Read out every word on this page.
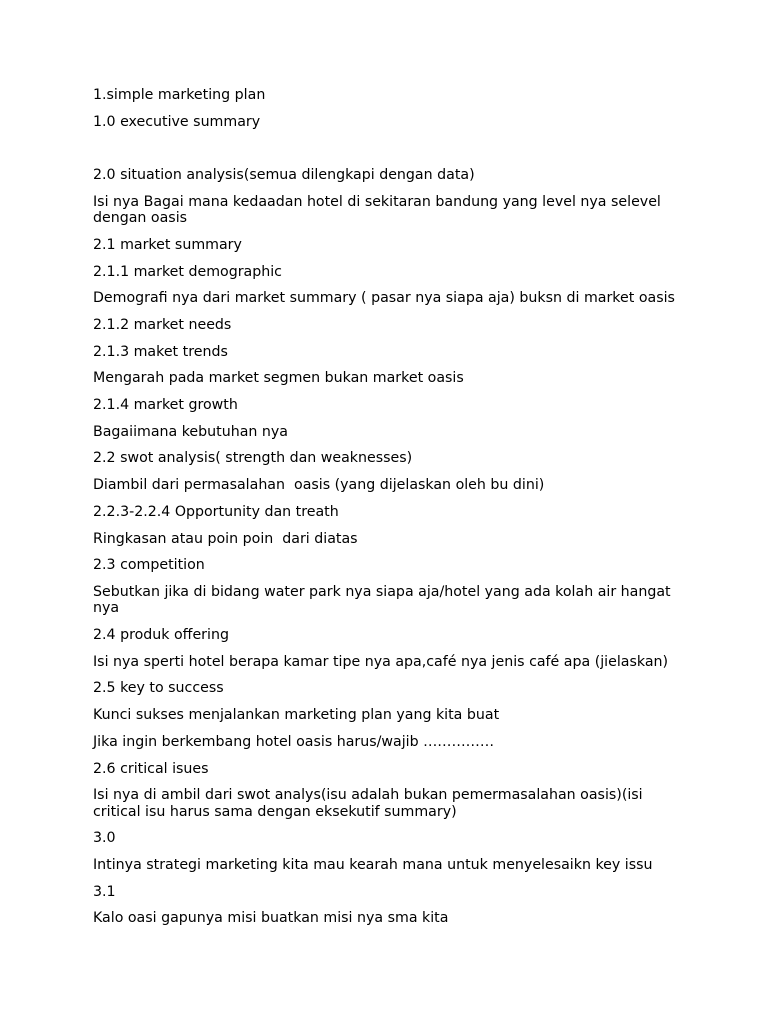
1.simple marketing plan

1.0 executive summary

2.0 situation analysis(semua dilengkapi dengan data)

Isi nya Bagai mana kedaadan hotel di sekitaran bandung yang level nya selevel dengan oasis

2.1 market summary

2.1.1 market demographic

Demografi nya dari market summary ( pasar nya siapa aja) buksn di market oasis

2.1.2 market needs

2.1.3 maket trends

Mengarah pada market segmen bukan market oasis

2.1.4 market growth

Bagaiimana kebutuhan nya

2.2 swot analysis( strength dan weaknesses)

Diambil dari permasalahan  oasis (yang dijelaskan oleh bu dini)

2.2.3-2.2.4 Opportunity dan treath

Ringkasan atau poin poin  dari diatas

2.3 competition

Sebutkan jika di bidang water park nya siapa aja/hotel yang ada kolah air hangat nya

2.4 produk offering

Isi nya sperti hotel berapa kamar tipe nya apa,café nya jenis café apa (jielaskan)

2.5 key to success

Kunci sukses menjalankan marketing plan yang kita buat

Jika ingin berkembang hotel oasis harus/wajib ……………

2.6 critical isues

Isi nya di ambil dari swot analys(isu adalah bukan pemermasalahan oasis)(isi critical isu harus sama dengan eksekutif summary)

3.0

Intinya strategi marketing kita mau kearah mana untuk menyelesaikn key issu

3.1

Kalo oasi gapunya misi buatkan misi nya sma kita
